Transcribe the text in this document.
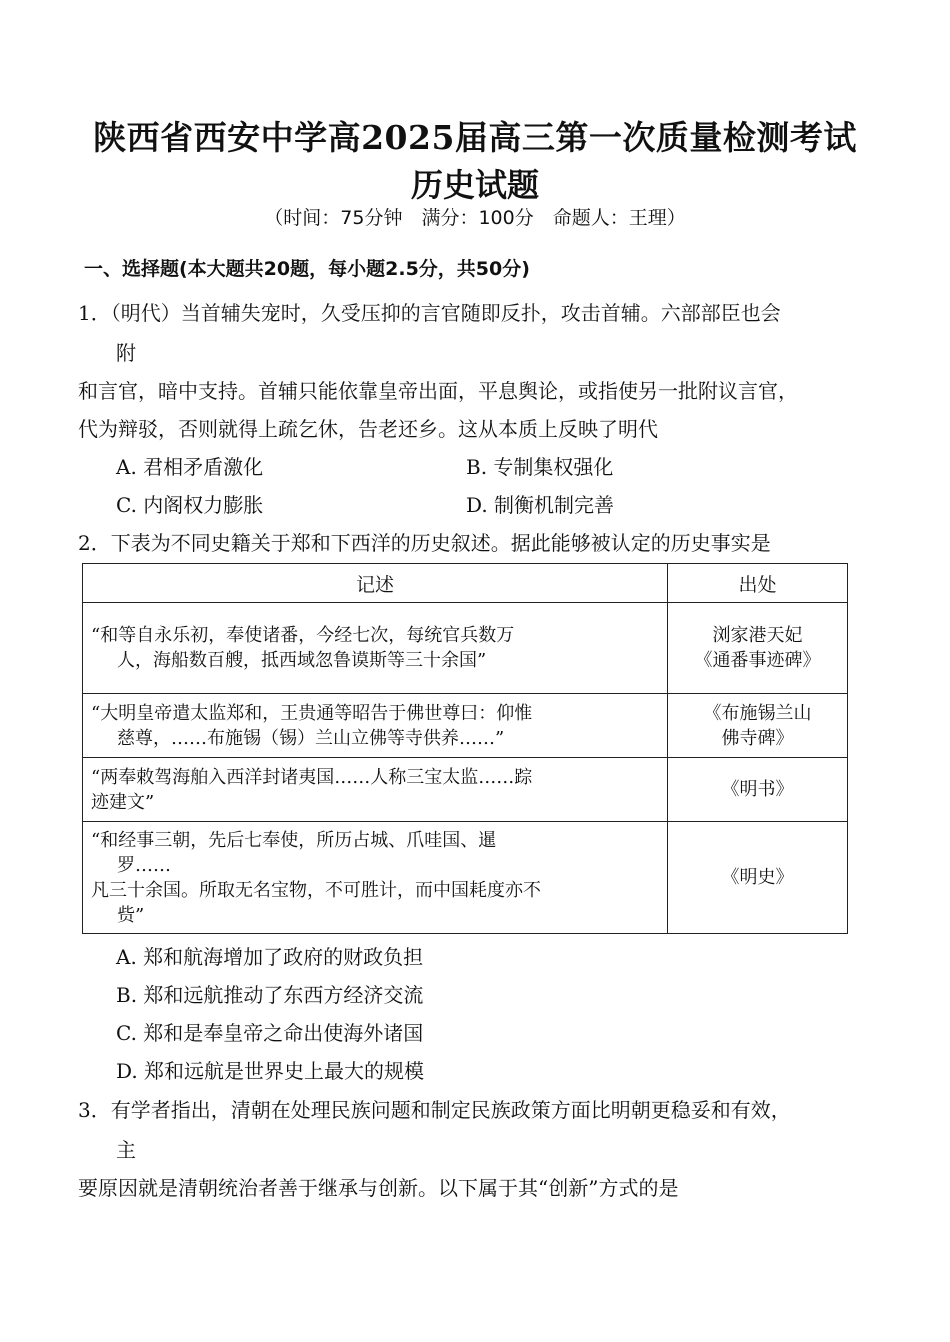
陕西省西安中学高2025届高三第一次质量检测考试
历史试题
（时间：75分钟　满分：100分　命题人：王理）
一、选择题(本大题共20题，每小题2.5分，共50分)
1．（明代）当首辅失宠时，久受压抑的言官随即反扑，攻击首辅。六部部臣也会
附
和言官，暗中支持。首辅只能依靠皇帝出面，平息舆论，或指使另一批附议言官，
代为辩驳，否则就得上疏乞休，告老还乡。这从本质上反映了明代
A. 君相矛盾激化	B. 专制集权强化
C. 内阁权力膨胀	D. 制衡机制完善
2．下表为不同史籍关于郑和下西洋的历史叙述。据此能够被认定的历史事实是
记述	出处

“和等自永乐初，奉使诸番，今经七次，每统官兵数万
人，海船数百艘，抵西域忽鲁谟斯等三十余国”	浏家港天妃
《通番事迹碑》

“大明皇帝遣太监郑和，王贵通等昭告于佛世尊曰：仰惟
慈尊，……布施锡（锡）兰山立佛等寺供养……”	《布施锡兰山
佛寺碑》

“两奉敕驾海舶入西洋封诸夷国……人称三宝太监……踪
迹建文”	《明书》

“和经事三朝，先后七奉使，所历占城、爪哇国、暹
罗……
凡三十余国。所取无名宝物，不可胜计，而中国耗度亦不
赀”	《明史》
A. 郑和航海增加了政府的财政负担
B. 郑和远航推动了东西方经济交流
C. 郑和是奉皇帝之命出使海外诸国
D. 郑和远航是世界史上最大的规模
3．有学者指出，清朝在处理民族问题和制定民族政策方面比明朝更稳妥和有效，
主
要原因就是清朝统治者善于继承与创新。以下属于其“创新”方式的是
